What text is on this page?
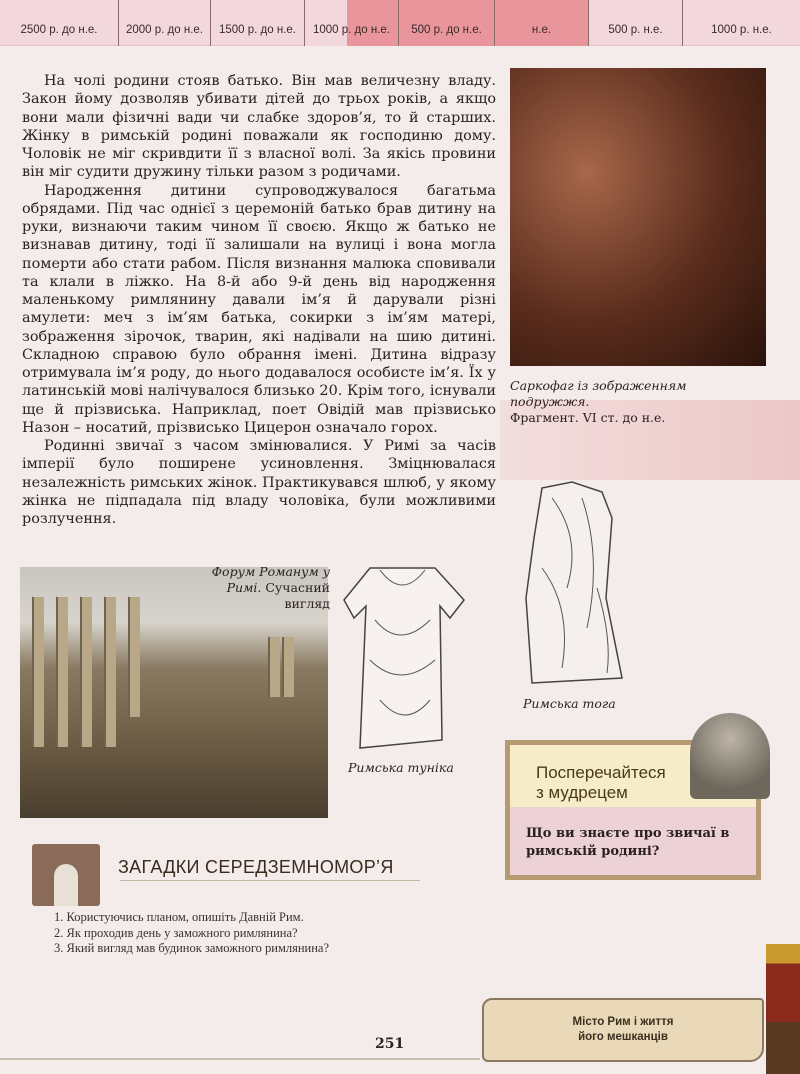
2500 р. до н.е.	2000 р. до н.е.	1500 р. до н.е.	1000 р. до н.е.	500 р. до н.е.	н.е.	500 р. н.е.	1000 р. н.е.

На чолі родини стояв батько. Він мав величезну владу. Закон йому дозволяв убивати дітей до трьох років, а якщо вони мали фізичні вади чи слабке здоров’я, то й старших. Жінку в римській родині поважали як господиню дому. Чоловік не міг скривдити її з власної волі. За якісь провини він міг судити дружину тільки разом з родичами.

Народження дитини супроводжувалося багатьма обрядами. Під час однієї з церемоній батько брав дитину на руки, визнаючи таким чином її своєю. Якщо ж батько не визнавав дитину, тоді її залишали на вулиці і вона могла померти або стати рабом. Після визнання малюка сповивали та клали в ліжко. На 8-й або 9-й день від народження маленькому римлянину давали ім’я й дарували різні амулети: меч з ім’ям батька, сокирки з ім’ям матері, зображення зірочок, тварин, які надівали на шию дитині. Складною справою було обрання імені. Дитина відразу отримувала ім’я роду, до нього додавалося особисте ім’я. Їх у латинській мові налічувалося близько 20. Крім того, існували ще й прізвиська. Наприклад, поет Овідій мав прізвисько Назон – носатий, прізвисько Цицерон означало горох.

Родинні звичаї з часом змінювалися. У Римі за часів імперії було поширене усиновлення. Зміцнювалася незалежність римських жінок. Практикувався шлюб, у якому жінка не підпадала під владу чоловіка, були можливими розлучення.

Саркофаг із зображенням
подружжя.
Фрагмент. VI ст. до н.е.
Римська тога
Форум Романум у
Римі. Сучасний
вигляд
Римська туніка	Посперечайтеся
з мудрецем
Що ви знаєте про звичаї в
римській родині?
ЗАГАДКИ СЕРЕДЗЕМНОМОР’Я
1. Користуючись планом, опишіть Давній Рим.
2. Як проходив день у заможного римлянина?
3. Який вигляд мав будинок заможного римлянина?
251
Місто Рим і життя
його мешканців
